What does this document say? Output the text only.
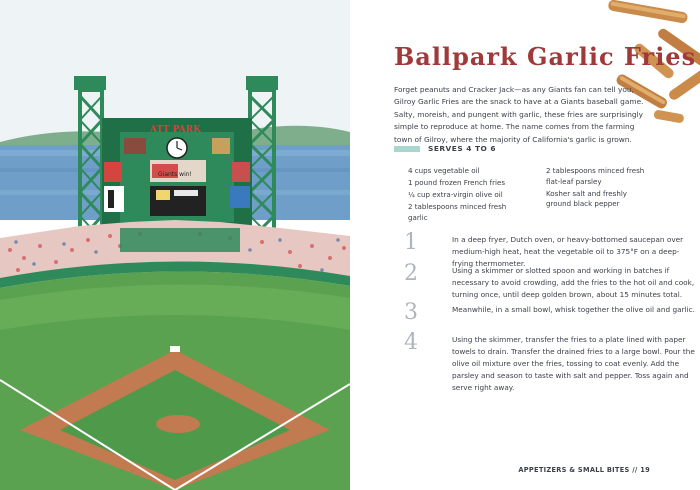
ATT PARK
Giants win!
Ballpark Garlic Fries

Forget peanuts and Cracker Jack—as any Giants fan can tell you, Gilroy Garlic Fries are the snack to have at a Giants baseball game. Salty, moreish, and pungent with garlic, these fries are surprisingly simple to reproduce at home. The name comes from the farming town of Gilroy, where the majority of California's garlic is grown.

SERVES 4 TO 6
4 cups vegetable oil
1 pound frozen French fries
¼ cup extra-virgin olive oil
2 tablespoons minced fresh garlic
2 tablespoons minced fresh flat-leaf parsley
Kosher salt and freshly ground black pepper
1	In a deep fryer, Dutch oven, or heavy-bottomed saucepan over medium-high heat, heat the vegetable oil to 375°F on a deep-frying thermometer.

2	Using a skimmer or slotted spoon and working in batches if necessary to avoid crowding, add the fries to the hot oil and cook, turning once, until deep golden brown, about 15 minutes total.

3	Meanwhile, in a small bowl, whisk together the olive oil and garlic.

4	Using the skimmer, transfer the fries to a plate lined with paper towels to drain. Transfer the drained fries to a large bowl. Pour the olive oil mixture over the fries, tossing to coat evenly. Add the parsley and season to taste with salt and pepper. Toss again and serve right away.

APPETIZERS & SMALL BITES // 19
